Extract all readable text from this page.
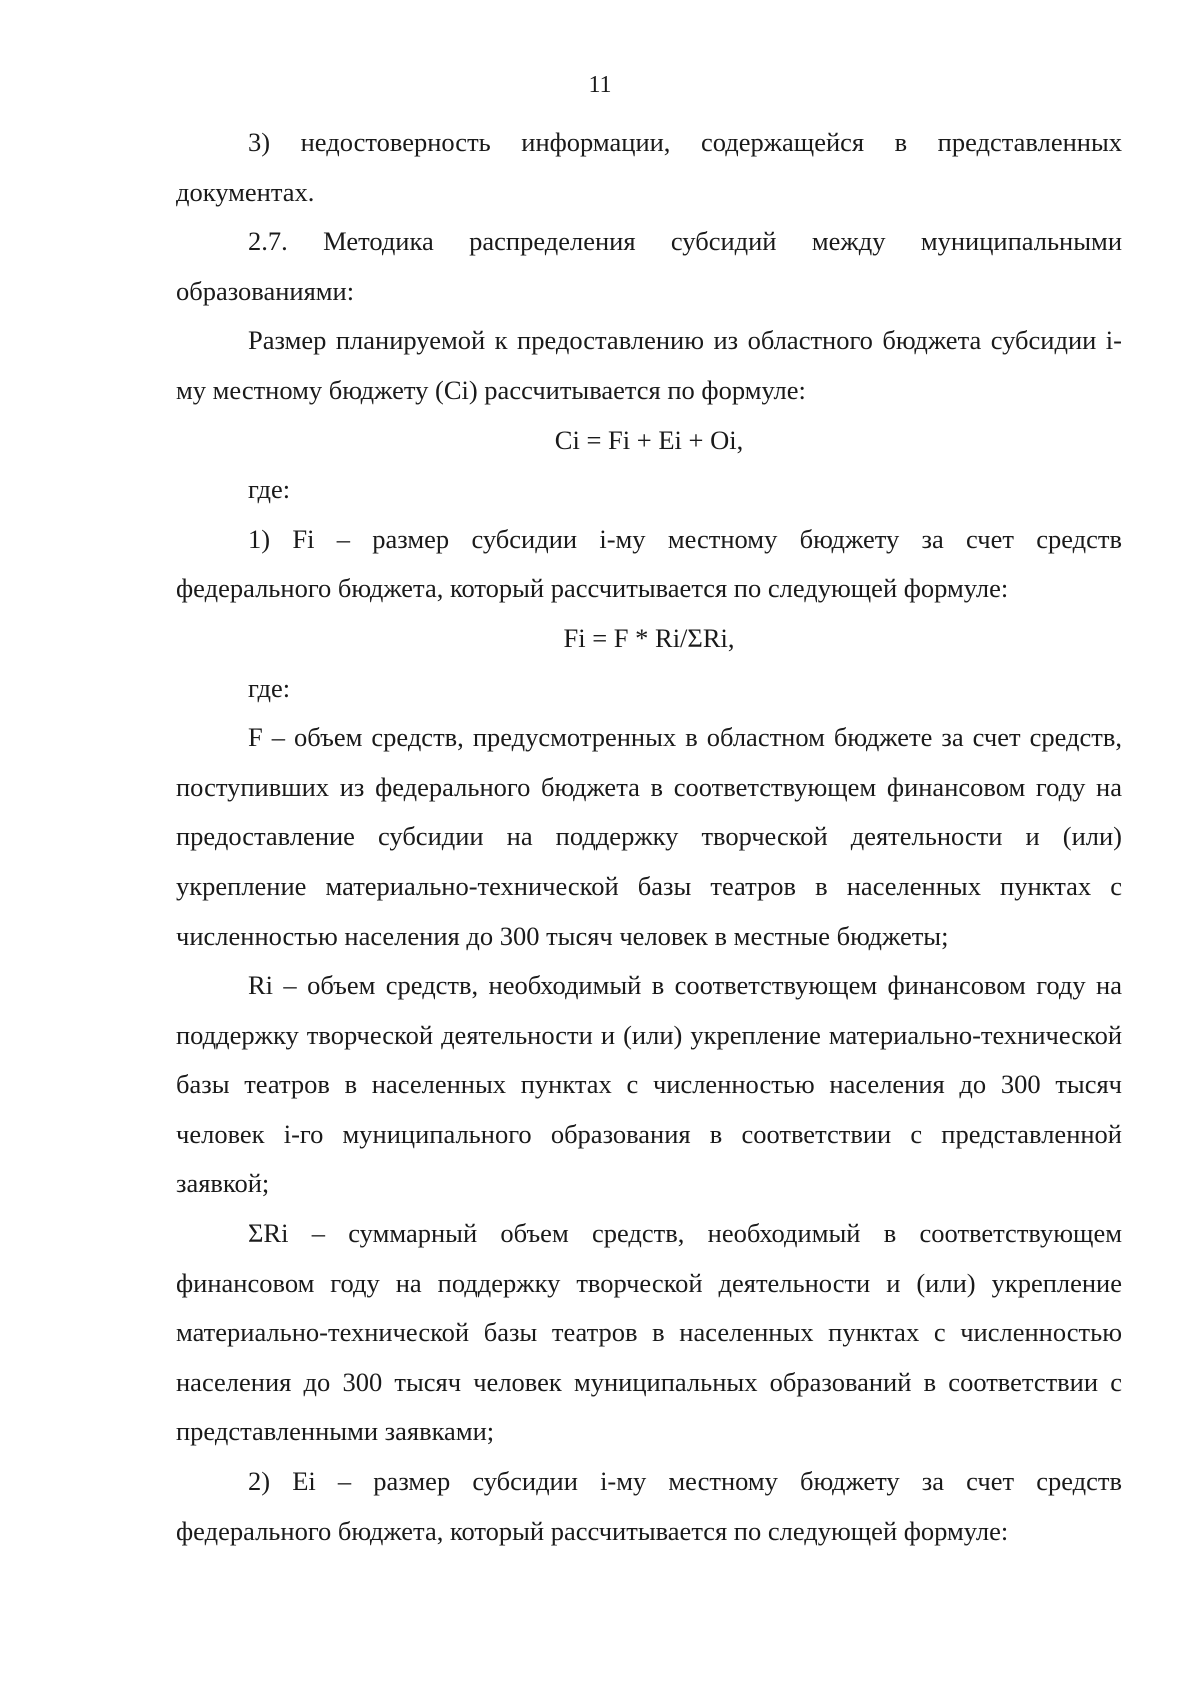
11

3) недостоверность информации, содержащейся в представленных документах.

2.7. Методика распределения субсидий между муниципальными образованиями:

Размер планируемой к предоставлению из областного бюджета субсидии i-му местному бюджету (Ci) рассчитывается по формуле:

Ci = Fi + Ei + Oi,

где:

1) Fi – размер субсидии i-му местному бюджету за счет средств федерального бюджета, который рассчитывается по следующей формуле:

Fi = F * Ri/ΣRi,

где:

F – объем средств, предусмотренных в областном бюджете за счет средств, поступивших из федерального бюджета в соответствующем финансовом году на предоставление субсидии на поддержку творческой деятельности и (или) укрепление материально-технической базы театров в населенных пунктах с численностью населения до 300 тысяч человек в местные бюджеты;

Ri – объем средств, необходимый в соответствующем финансовом году на поддержку творческой деятельности и (или) укрепление материально-технической базы театров в населенных пунктах с численностью населения до 300 тысяч человек i-го муниципального образования в соответствии с представленной заявкой;

ΣRi – суммарный объем средств, необходимый в соответствующем финансовом году на поддержку творческой деятельности и (или) укрепление материально-технической базы театров в населенных пунктах с численностью населения до 300 тысяч человек муниципальных образований в соответствии с представленными заявками;

2) Ei – размер субсидии i-му местному бюджету за счет средств федерального бюджета, который рассчитывается по следующей формуле:
